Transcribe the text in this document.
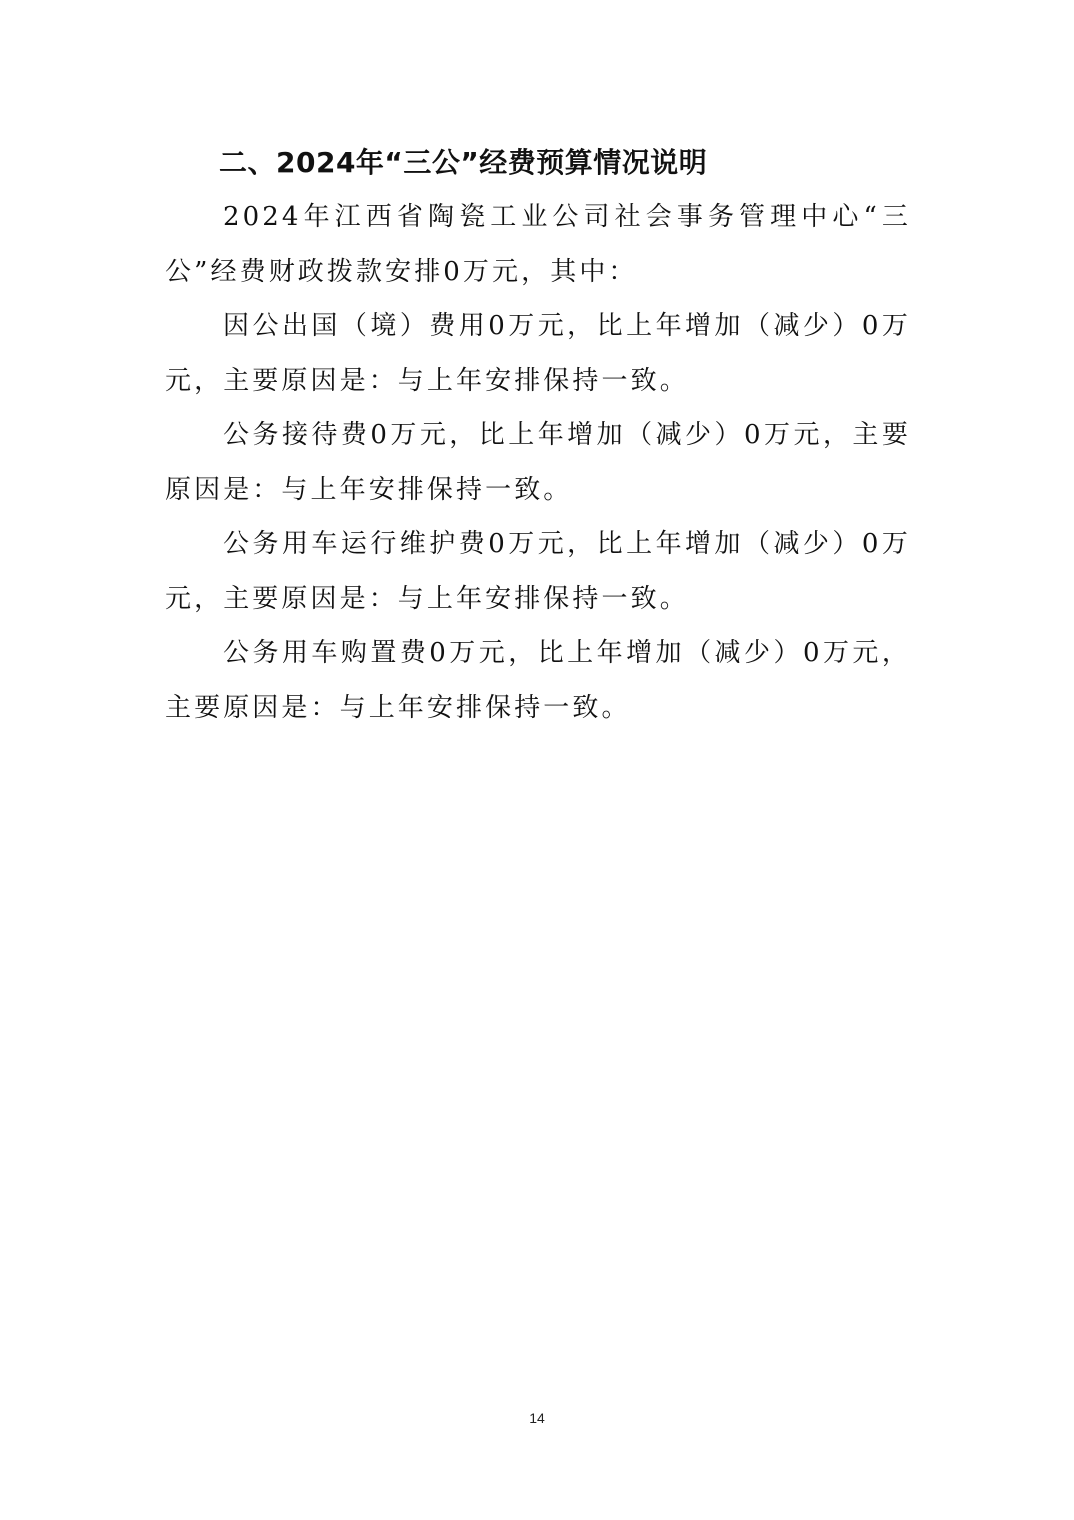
二、2024年“三公”经费预算情况说明

2024年江西省陶瓷工业公司社会事务管理中心“三公”经费财政拨款安排0万元，其中：

因公出国（境）费用0万元，比上年增加（减少）0万元，主要原因是：与上年安排保持一致。

公务接待费0万元，比上年增加（减少）0万元，主要原因是：与上年安排保持一致。

公务用车运行维护费0万元，比上年增加（减少）0万元，主要原因是：与上年安排保持一致。

公务用车购置费0万元，比上年增加（减少）0万元，主要原因是：与上年安排保持一致。

14
